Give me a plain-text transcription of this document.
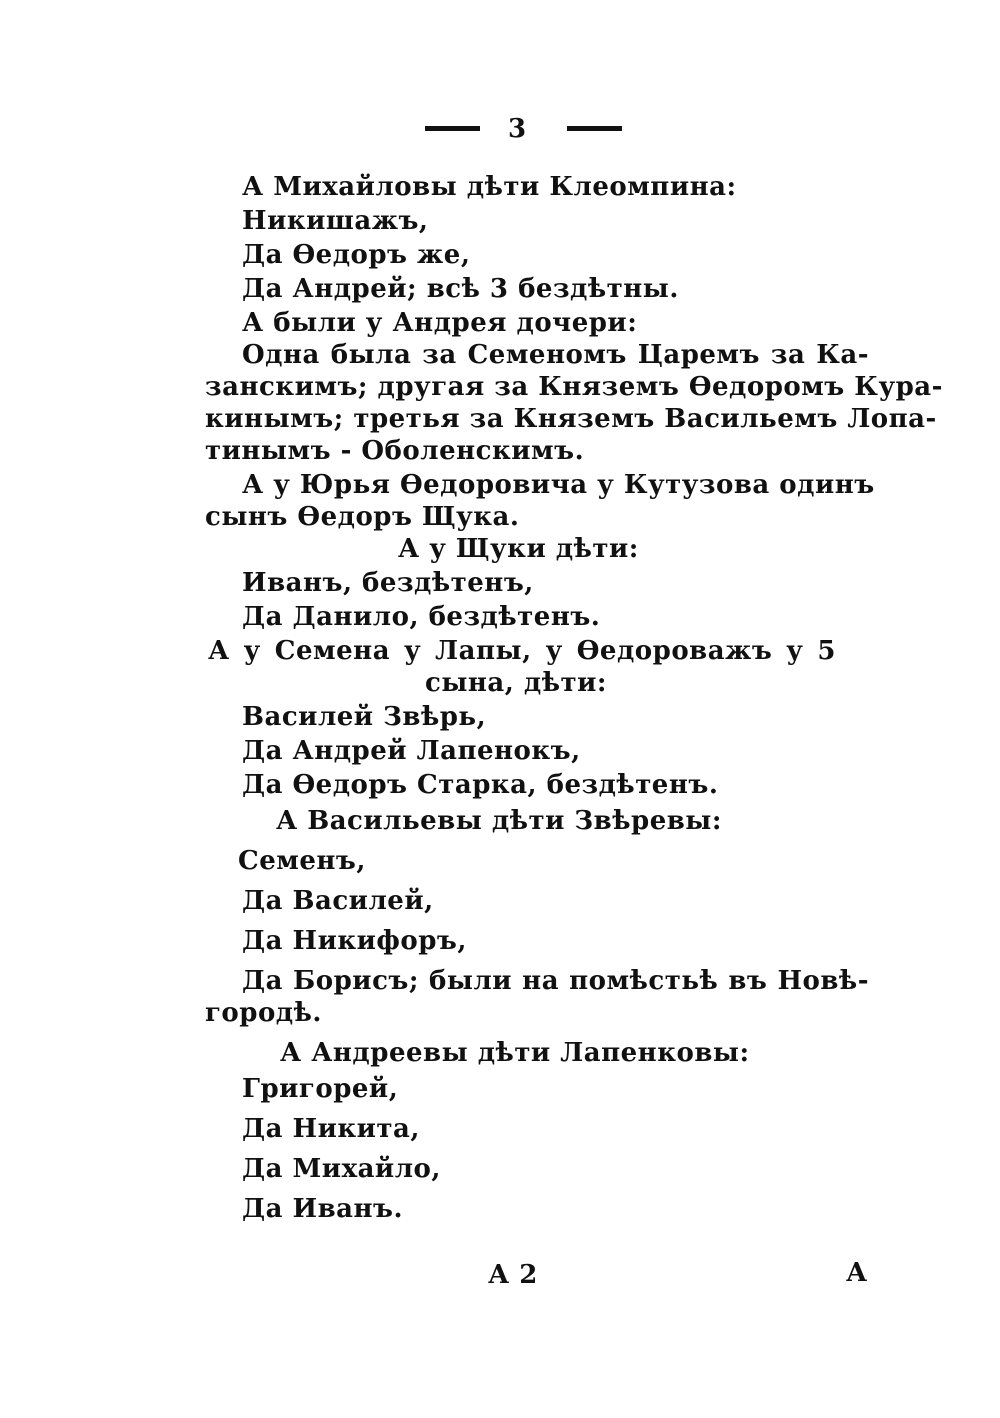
3
А Михайловы дѣти Клеомпина:
Никишажъ,
Да Ѳедоръ же,
Да Андрей; всѣ 3 бездѣтны.
А были у Андрея дочери:
Одна была за Семеномъ Царемъ за Ка-
занскимъ; другая за Княземъ Ѳедоромъ Кура-
кинымъ; третья за Княземъ Васильемъ Лопа-
тинымъ - Оболенскимъ.
А у Юрья Ѳедоровича у Кутузова одинъ
сынъ Ѳедоръ Щука.
А у Щуки дѣти:
Иванъ, бездѣтенъ,
Да Данило, бездѣтенъ.
А у Семена у Лапы, у Ѳедороважъ у 5
сына, дѣти:
Василей Звѣрь,
Да Андрей Лапенокъ,
Да Ѳедоръ Старка, бездѣтенъ.
А Васильевы дѣти Звѣревы:
Семенъ,
Да Василей,
Да Никифоръ,
Да Борисъ; были на помѣстьѣ въ Новѣ-
городѣ.
А Андреевы дѣти Лапенковы:
Григорей,
Да Никита,
Да Михайло,
Да Иванъ.
А 2	А
